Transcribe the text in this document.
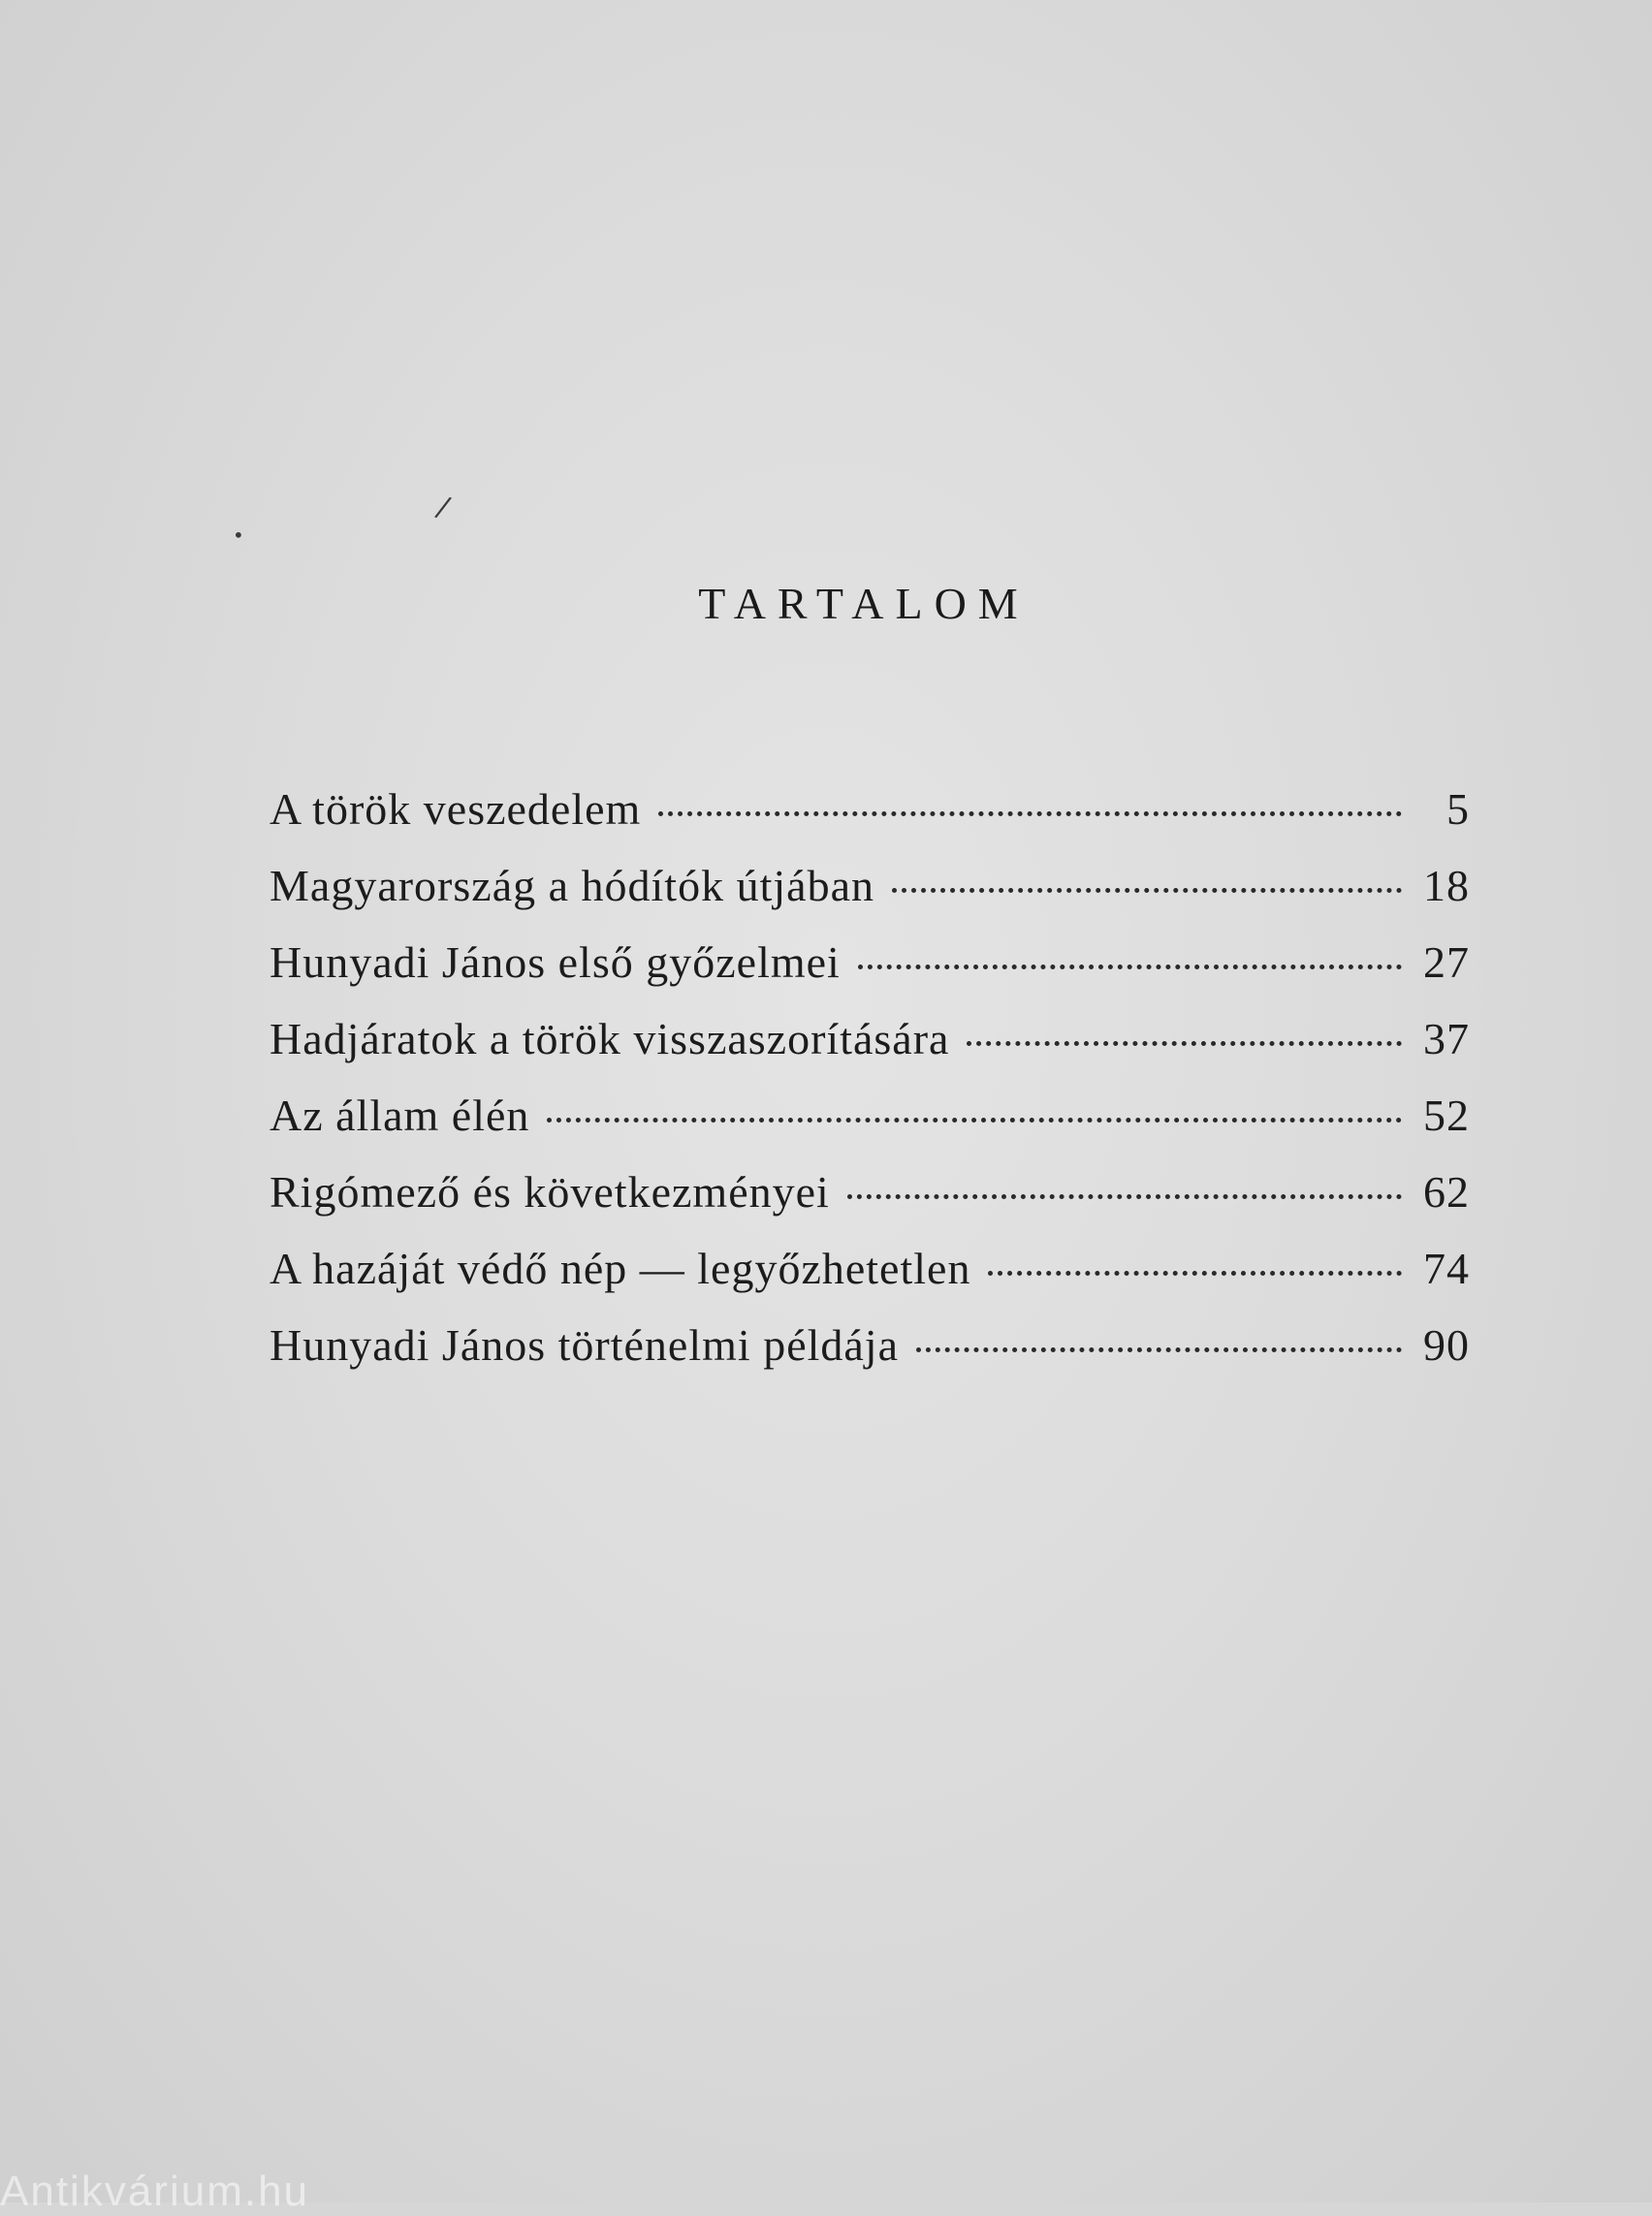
/
•
TARTALOM
A török veszedelem	5
Magyarország a hódítók útjában	18
Hunyadi János első győzelmei	27
Hadjáratok a török visszaszorítására	37
Az állam élén	52
Rigómező és következményei	62
A hazáját védő nép — legyőzhetetlen	74
Hunyadi János történelmi példája	90
Antikvárium.hu
